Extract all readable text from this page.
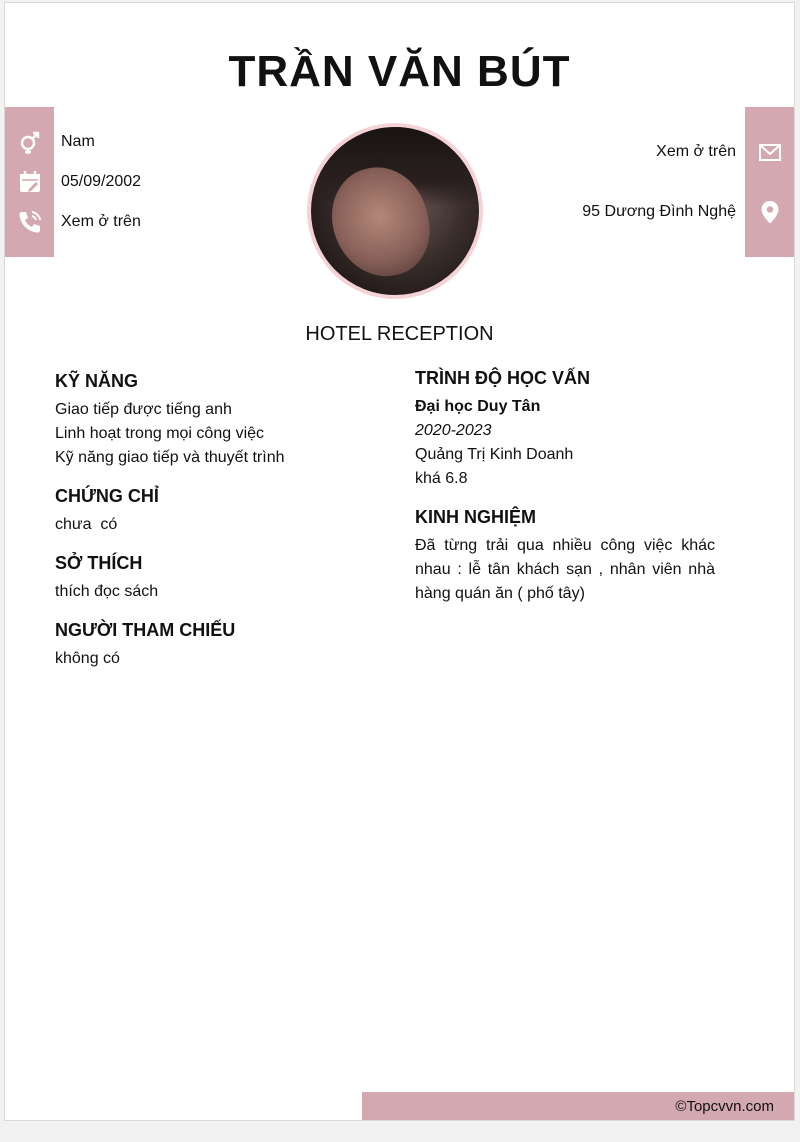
TRẦN VĂN BÚT
Nam
05/09/2002
Xem ở trên
Xem ở trên
95 Dương Đình Nghệ
HOTEL RECEPTION
KỸ NĂNG
Giao tiếp được tiếng anh
Linh hoạt trong mọi công việc
Kỹ năng giao tiếp và thuyết trình
CHỨNG CHỈ
chưa  có
SỞ THÍCH
thích đọc sách
NGƯỜI THAM CHIẾU
không có
TRÌNH ĐỘ HỌC VẤN
Đại học Duy Tân
2020-2023
Quảng Trị Kinh Doanh
khá 6.8
KINH NGHIỆM
Đã từng trải qua nhiều công việc khác nhau : lễ tân khách sạn , nhân viên nhà hàng quán ăn ( phố tây)
©Topcvvn.com
